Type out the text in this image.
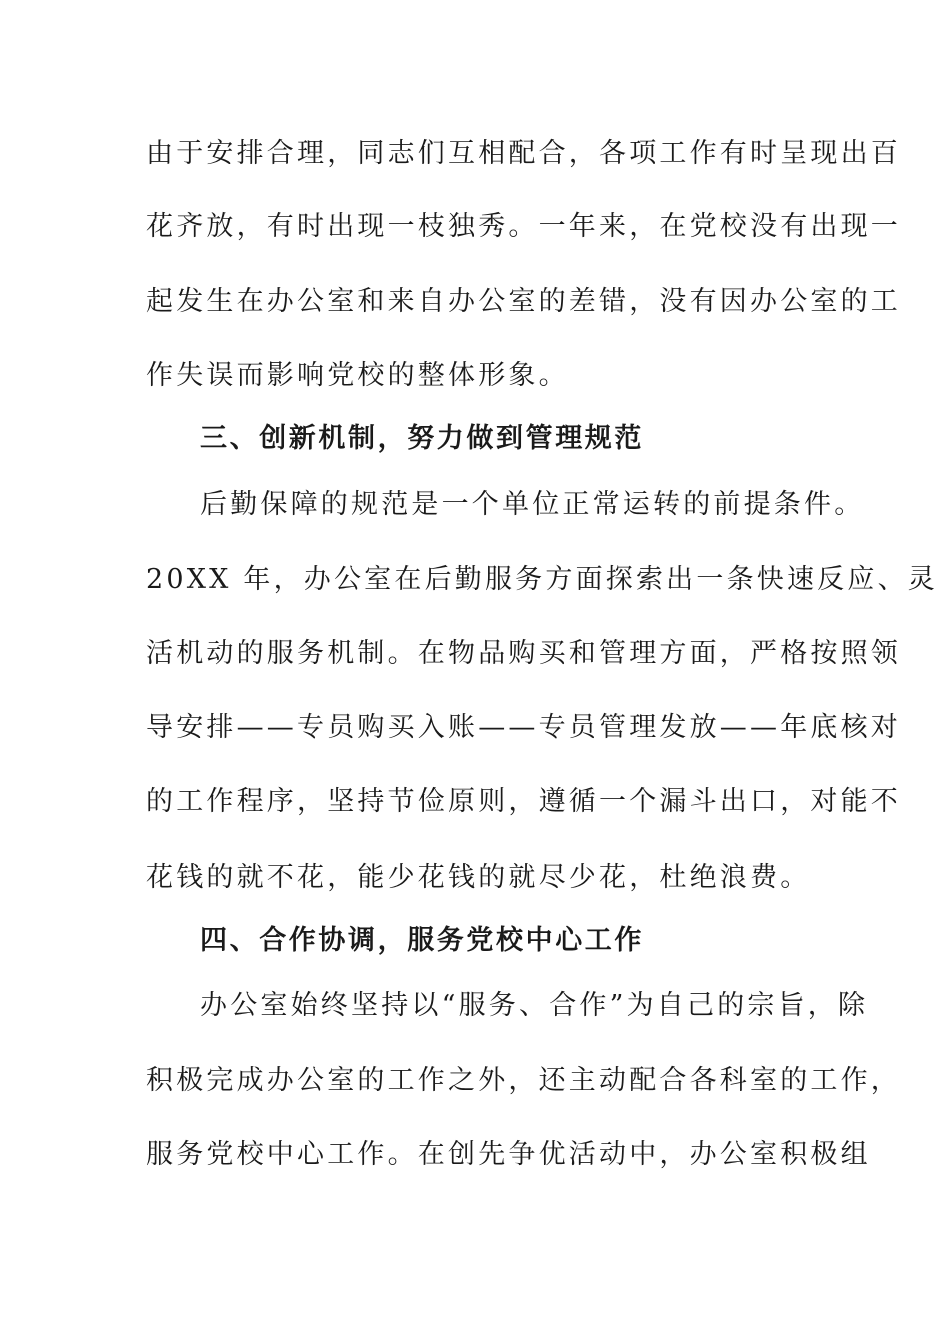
由于安排合理，同志们互相配合，各项工作有时呈现出百
花齐放，有时出现一枝独秀。一年来，在党校没有出现一
起发生在办公室和来自办公室的差错，没有因办公室的工
作失误而影响党校的整体形象。
三、创新机制，努力做到管理规范
后勤保障的规范是一个单位正常运转的前提条件。
20XX 年，办公室在后勤服务方面探索出一条快速反应、灵
活机动的服务机制。在物品购买和管理方面，严格按照领
导安排——专员购买入账——专员管理发放——年底核对
的工作程序，坚持节俭原则，遵循一个漏斗出口，对能不
花钱的就不花，能少花钱的就尽少花，杜绝浪费。
四、合作协调，服务党校中心工作
办公室始终坚持以“服务、合作”为自己的宗旨，除
积极完成办公室的工作之外，还主动配合各科室的工作，
服务党校中心工作。在创先争优活动中，办公室积极组
